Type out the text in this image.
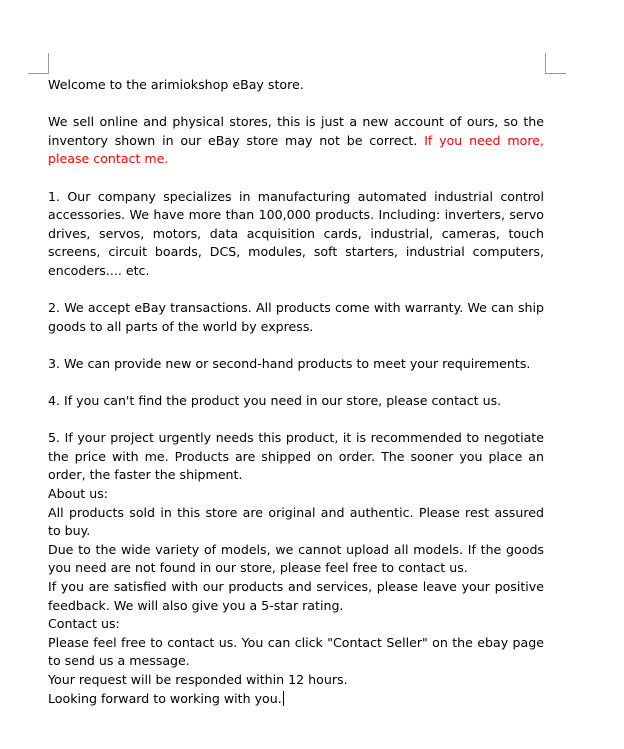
Welcome to the arimiokshop eBay store.

We sell online and physical stores, this is just a new account of ours, so the inventory shown in our eBay store may not be correct. If you need more, please contact me.

1. Our company specializes in manufacturing automated industrial control accessories. We have more than 100,000 products. Including: inverters, servo drives, servos, motors, data acquisition cards, industrial, cameras, touch screens, circuit boards, DCS, modules, soft starters, industrial computers, encoders.... etc.

2. We accept eBay transactions. All products come with warranty. We can ship goods to all parts of the world by express.

3. We can provide new or second-hand products to meet your requirements.

4. If you can't find the product you need in our store, please contact us.

5. If your project urgently needs this product, it is recommended to negotiate the price with me. Products are shipped on order. The sooner you place an order, the faster the shipment.

About us:

All products sold in this store are original and authentic. Please rest assured to buy.

Due to the wide variety of models, we cannot upload all models. If the goods you need are not found in our store, please feel free to contact us.

If you are satisfied with our products and services, please leave your positive feedback. We will also give you a 5-star rating.

Contact us:

Please feel free to contact us. You can click "Contact Seller" on the ebay page to send us a message.

Your request will be responded within 12 hours.

Looking forward to working with you.
